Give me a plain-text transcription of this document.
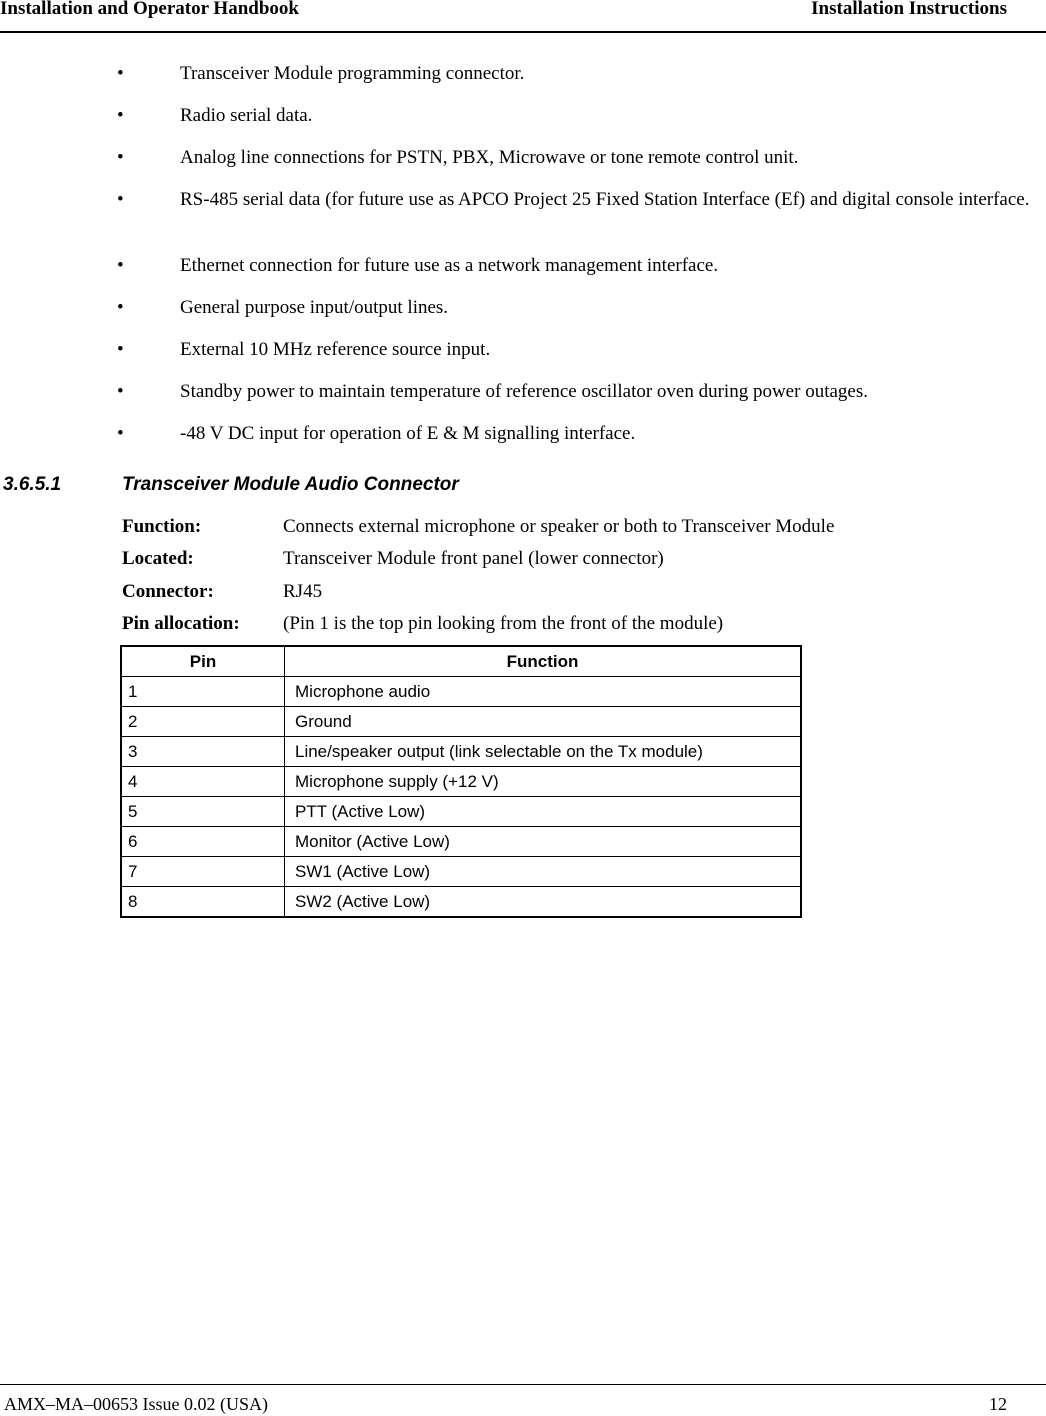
Installation and Operator Handbook	Installation Instructions
•	Transceiver Module programming connector.
•	Radio serial data.
•	Analog line connections for PSTN, PBX, Microwave or tone remote control unit.
•	RS-485 serial data (for future use as APCO Project 25 Fixed Station Interface (Ef) and digital console interface.
•	Ethernet connection for future use as a network management interface.
•	General purpose input/output lines.
•	External 10 MHz reference source input.
•	Standby power to maintain temperature of reference oscillator oven during power outages.
•	-48 V DC input for operation of E & M signalling interface.
3.6.5.1	Transceiver Module Audio Connector
Function:	Connects external microphone or speaker or both to Transceiver Module
Located:	Transceiver Module front panel (lower connector)
Connector:	RJ45
Pin allocation: (Pin 1 is the top pin looking from the front of the module)
Pin	Function
1	Microphone audio
2	Ground
3	Line/speaker output (link selectable on the Tx module)
4	Microphone supply (+12 V)
5	PTT (Active Low)
6	Monitor (Active Low)
7	SW1 (Active Low)
8	SW2 (Active Low)
AMX–MA–00653 Issue 0.02 (USA)	12
